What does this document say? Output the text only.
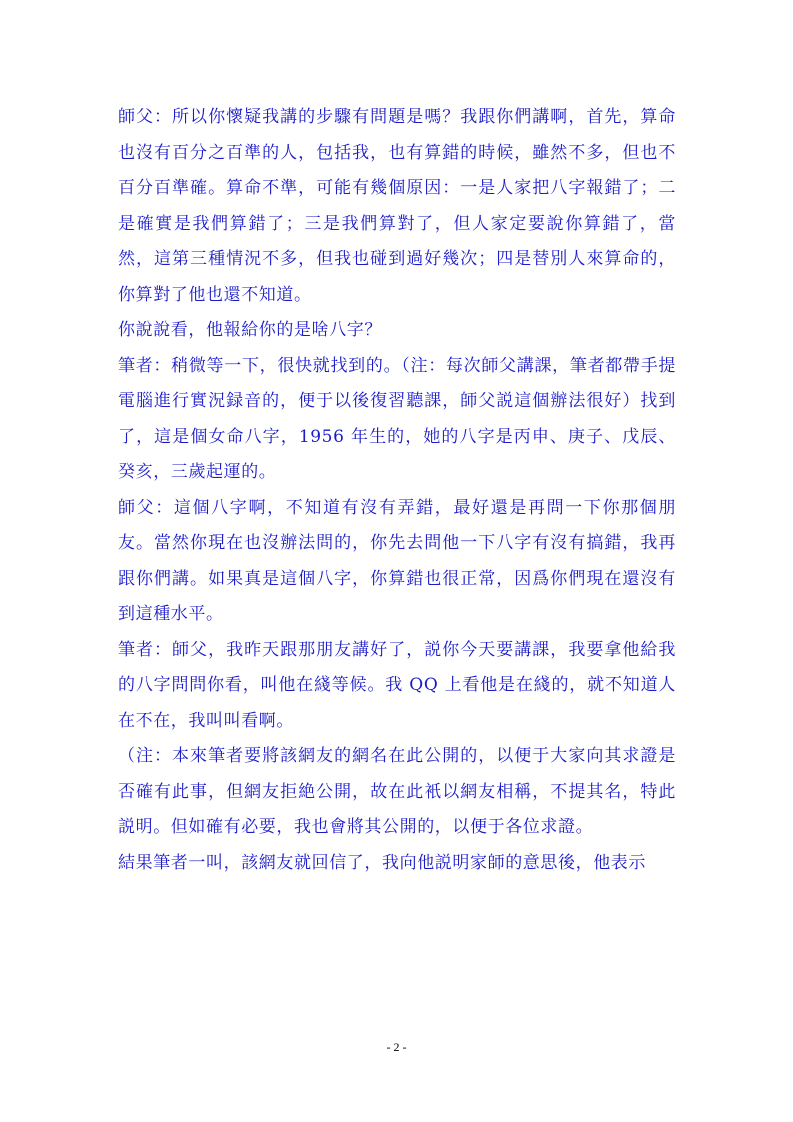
師父：所以你懷疑我講的步驟有問題是嗎？我跟你們講啊，首先，算命也沒有百分之百準的人，包括我，也有算錯的時候，雖然不多，但也不百分百準確。算命不準，可能有幾個原因：一是人家把八字報錯了；二是確實是我們算錯了；三是我們算對了，但人家定要說你算錯了，當然，這第三種情況不多，但我也碰到過好幾次；四是替別人來算命的，你算對了他也還不知道。

你說說看，他報給你的是啥八字？

筆者：稍微等一下，很快就找到的。（注：每次師父講課，筆者都帶手提電腦進行實況録音的，便于以後復習聽課，師父説這個辦法很好）找到了，這是個女命八字，1956 年生的，她的八字是丙申、庚子、戊辰、癸亥，三歲起運的。

師父：這個八字啊，不知道有沒有弄錯，最好還是再問一下你那個朋友。當然你現在也沒辦法問的，你先去問他一下八字有沒有搞錯，我再跟你們講。如果真是這個八字，你算錯也很正常，因爲你們現在還沒有到這種水平。

筆者：師父，我昨天跟那朋友講好了，説你今天要講課，我要拿他給我的八字問問你看，叫他在綫等候。我 QQ 上看他是在綫的，就不知道人在不在，我叫叫看啊。

（注：本來筆者要將該網友的網名在此公開的，以便于大家向其求證是否確有此事，但網友拒絶公開，故在此衹以網友相稱，不提其名，特此説明。但如確有必要，我也會將其公開的，以便于各位求證。

結果筆者一叫，該網友就回信了，我向他説明家師的意思後，他表示

- 2 -
